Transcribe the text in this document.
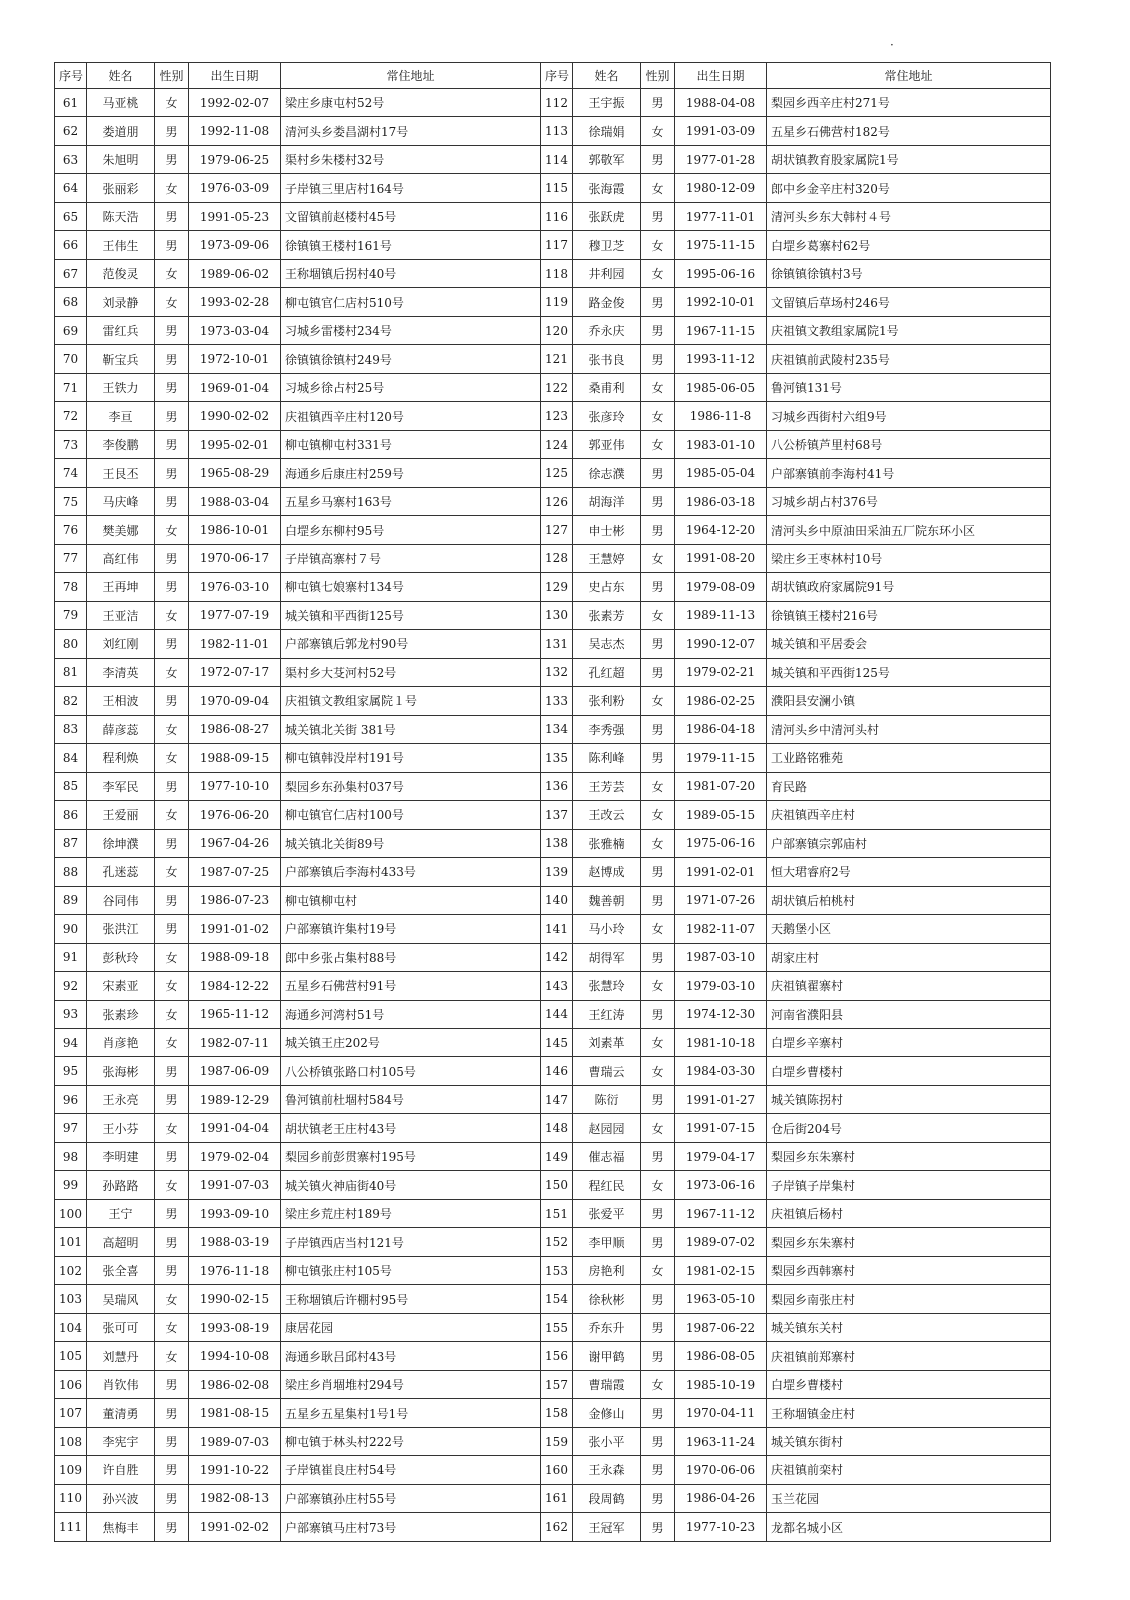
·
序号	姓名	性别	出生日期	常住地址	序号	姓名	性别	出生日期	常住地址
61	马亚桃	女	1992-02-07	梁庄乡康屯村52号	112	王宇振	男	1988-04-08	梨园乡西辛庄村271号
62	娄道朋	男	1992-11-08	清河头乡娄昌湖村17号	113	徐瑞娟	女	1991-03-09	五星乡石佛营村182号
63	朱旭明	男	1979-06-25	渠村乡朱楼村32号	114	郭敬军	男	1977-01-28	胡状镇教育股家属院1号
64	张丽彩	女	1976-03-09	子岸镇三里店村164号	115	张海霞	女	1980-12-09	郎中乡金辛庄村320号
65	陈天浩	男	1991-05-23	文留镇前赵楼村45号	116	张跃虎	男	1977-11-01	清河头乡东大韩村４号
66	王伟生	男	1973-09-06	徐镇镇王楼村161号	117	穆卫芝	女	1975-11-15	白堽乡葛寨村62号
67	范俊灵	女	1989-06-02	王称堌镇后拐村40号	118	井利园	女	1995-06-16	徐镇镇徐镇村3号
68	刘录静	女	1993-02-28	柳屯镇官仁店村510号	119	路金俊	男	1992-10-01	文留镇后草场村246号
69	雷红兵	男	1973-03-04	习城乡雷楼村234号	120	乔永庆	男	1967-11-15	庆祖镇文教组家属院1号
70	靳宝兵	男	1972-10-01	徐镇镇徐镇村249号	121	张书良	男	1993-11-12	庆祖镇前武陵村235号
71	王铁力	男	1969-01-04	习城乡徐占村25号	122	桑甫利	女	1985-06-05	鲁河镇131号
72	李亘	男	1990-02-02	庆祖镇西辛庄村120号	123	张彦玲	女	1986-11-8	习城乡西街村六组9号
73	李俊鹏	男	1995-02-01	柳屯镇柳屯村331号	124	郭亚伟	女	1983-01-10	八公桥镇芦里村68号
74	王艮丕	男	1965-08-29	海通乡后康庄村259号	125	徐志濮	男	1985-05-04	户部寨镇前李海村41号
75	马庆峰	男	1988-03-04	五星乡马寨村163号	126	胡海洋	男	1986-03-18	习城乡胡占村376号
76	樊美娜	女	1986-10-01	白堽乡东柳村95号	127	申士彬	男	1964-12-20	清河头乡中原油田采油五厂院东环小区
77	高红伟	男	1970-06-17	子岸镇高寨村７号	128	王慧婷	女	1991-08-20	梁庄乡王枣林村10号
78	王再坤	男	1976-03-10	柳屯镇七娘寨村134号	129	史占东	男	1979-08-09	胡状镇政府家属院91号
79	王亚洁	女	1977-07-19	城关镇和平西街125号	130	张素芳	女	1989-11-13	徐镇镇王楼村216号
80	刘红刚	男	1982-11-01	户部寨镇后郭龙村90号	131	吴志杰	男	1990-12-07	城关镇和平居委会
81	李清英	女	1972-07-17	渠村乡大芟河村52号	132	孔红超	男	1979-02-21	城关镇和平西街125号
82	王相波	男	1970-09-04	庆祖镇文教组家属院１号	133	张利粉	女	1986-02-25	濮阳县安澜小镇
83	薛彦蕊	女	1986-08-27	城关镇北关街 381号	134	李秀强	男	1986-04-18	清河头乡中清河头村
84	程利焕	女	1988-09-15	柳屯镇韩没岸村191号	135	陈利峰	男	1979-11-15	工业路铭雅苑
85	李军民	男	1977-10-10	梨园乡东孙集村037号	136	王芳芸	女	1981-07-20	育民路
86	王爱丽	女	1976-06-20	柳屯镇官仁店村100号	137	王改云	女	1989-05-15	庆祖镇西辛庄村
87	徐坤濮	男	1967-04-26	城关镇北关街89号	138	张雅楠	女	1975-06-16	户部寨镇宗郭庙村
88	孔迷蕊	女	1987-07-25	户部寨镇后李海村433号	139	赵博成	男	1991-02-01	恒大珺睿府2号
89	谷同伟	男	1986-07-23	柳屯镇柳屯村	140	魏善朝	男	1971-07-26	胡状镇后柏桃村
90	张洪江	男	1991-01-02	户部寨镇许集村19号	141	马小玲	女	1982-11-07	天鹅堡小区
91	彭秋玲	女	1988-09-18	郎中乡张占集村88号	142	胡得军	男	1987-03-10	胡家庄村
92	宋素亚	女	1984-12-22	五星乡石佛营村91号	143	张慧玲	女	1979-03-10	庆祖镇翟寨村
93	张素珍	女	1965-11-12	海通乡河湾村51号	144	王红涛	男	1974-12-30	河南省濮阳县
94	肖彦艳	女	1982-07-11	城关镇王庄202号	145	刘素革	女	1981-10-18	白堽乡辛寨村
95	张海彬	男	1987-06-09	八公桥镇张路口村105号	146	曹瑞云	女	1984-03-30	白堽乡曹楼村
96	王永亮	男	1989-12-29	鲁河镇前杜堌村584号	147	陈衍	男	1991-01-27	城关镇陈拐村
97	王小芬	女	1991-04-04	胡状镇老王庄村43号	148	赵园园	女	1991-07-15	仓后街204号
98	李明建	男	1979-02-04	梨园乡前彭贯寨村195号	149	催志福	男	1979-04-17	梨园乡东朱寨村
99	孙路路	女	1991-07-03	城关镇火神庙街40号	150	程红民	女	1973-06-16	子岸镇子岸集村
100	王宁	男	1993-09-10	梁庄乡荒庄村189号	151	张爱平	男	1967-11-12	庆祖镇后杨村
101	高超明	男	1988-03-19	子岸镇西店当村121号	152	李甲顺	男	1989-07-02	梨园乡东朱寨村
102	张全喜	男	1976-11-18	柳屯镇张庄村105号	153	房艳利	女	1981-02-15	梨园乡西韩寨村
103	吴瑞风	女	1990-02-15	王称堌镇后许棚村95号	154	徐秋彬	男	1963-05-10	梨园乡南张庄村
104	张可可	女	1993-08-19	康居花园	155	乔东升	男	1987-06-22	城关镇东关村
105	刘慧丹	女	1994-10-08	海通乡耿吕邱村43号	156	谢甲鹤	男	1986-08-05	庆祖镇前郑寨村
106	肖钦伟	男	1986-02-08	梁庄乡肖堌堆村294号	157	曹瑞霞	女	1985-10-19	白堽乡曹楼村
107	董清勇	男	1981-08-15	五星乡五星集村1号1号	158	金修山	男	1970-04-11	王称堌镇金庄村
108	李宪宇	男	1989-07-03	柳屯镇于林头村222号	159	张小平	男	1963-11-24	城关镇东街村
109	许自胜	男	1991-10-22	子岸镇崔良庄村54号	160	王永森	男	1970-06-06	庆祖镇前栾村
110	孙兴波	男	1982-08-13	户部寨镇孙庄村55号	161	段周鹤	男	1986-04-26	玉兰花园
111	焦梅丰	男	1991-02-02	户部寨镇马庄村73号	162	王冠军	男	1977-10-23	龙都名城小区
